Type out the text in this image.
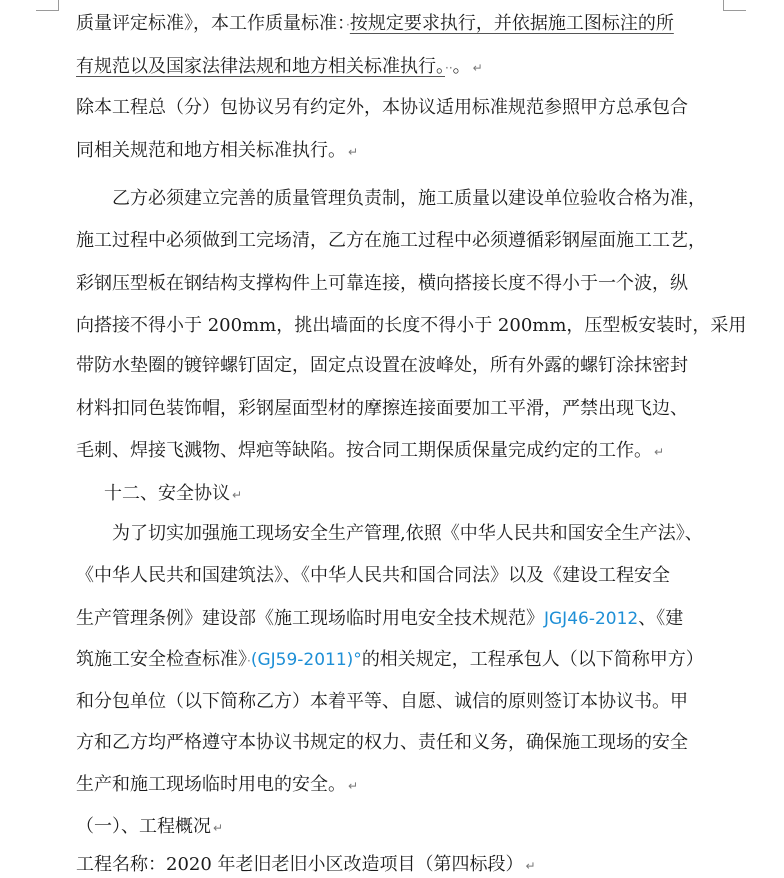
质量评定标准》，本工作质量标准：·按规定要求执行，并依据施工图标注的所
有规范以及国家法律法规和地方相关标准执行。··。 ↵
除本工程总（分）包协议另有约定外，本协议适用标准规范参照甲方总承包合
同相关规范和地方相关标准执行。 ↵
乙方必须建立完善的质量管理负责制，施工质量以建设单位验收合格为准，
施工过程中必须做到工完场清，乙方在施工过程中必须遵循彩钢屋面施工工艺，
彩钢压型板在钢结构支撑构件上可靠连接，横向搭接长度不得小于一个波，纵
向搭接不得小于 200mm，挑出墙面的长度不得小于 200mm，压型板安装时，采用
带防水垫圈的镀锌螺钉固定，固定点设置在波峰处，所有外露的螺钉涂抹密封
材料扣同色装饰帽，彩钢屋面型材的摩擦连接面要加工平滑，严禁出现飞边、
毛刺、焊接飞溅物、焊疤等缺陷。按合同工期保质保量完成约定的工作。 ↵
十二、安全协议 ↵
为了切实加强施工现场安全生产管理,依照《中华人民共和国安全生产法》、
《中华人民共和国建筑法》、《中华人民共和国合同法》以及《建设工程安全
生产管理条例》建设部《施工现场临时用电安全技术规范》JGJ46-2012、《建
筑施工安全检查标准》·(GJ59-2011)°的相关规定，工程承包人（以下简称甲方）
和分包单位（以下简称乙方）本着平等、自愿、诚信的原则签订本协议书。甲
方和乙方均严格遵守本协议书规定的权力、责任和义务，确保施工现场的安全
生产和施工现场临时用电的安全。 ↵
（一）、工程概况 ↵
工程名称：2020 年老旧老旧小区改造项目（第四标段） ↵
